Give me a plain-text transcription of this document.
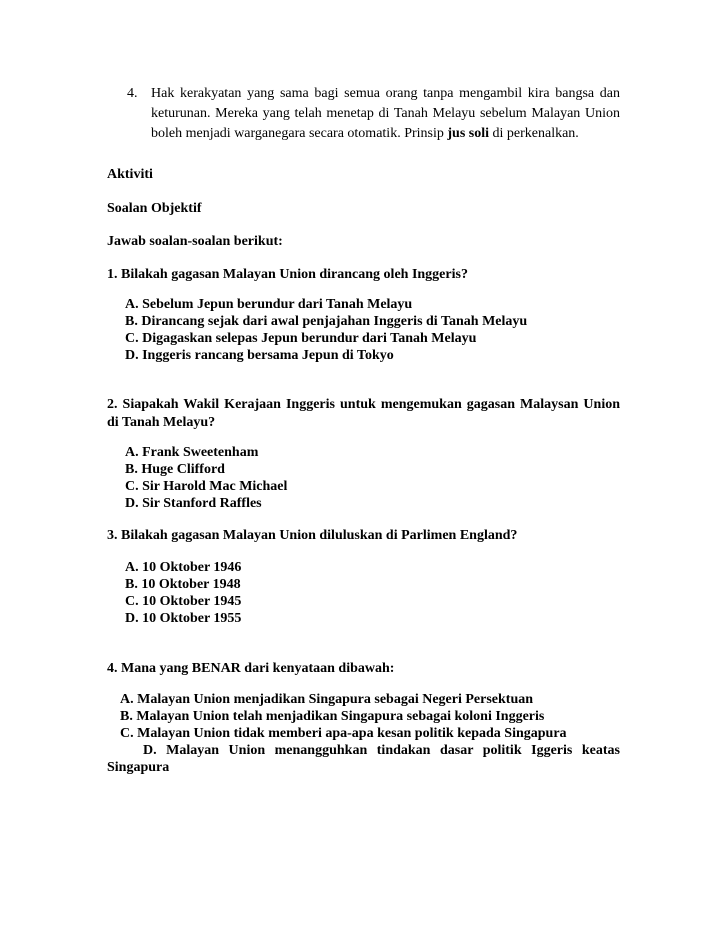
4. Hak kerakyatan yang sama bagi semua orang tanpa mengambil kira bangsa dan keturunan. Mereka yang telah menetap di Tanah Melayu sebelum Malayan Union boleh menjadi warganegara secara otomatik. Prinsip jus soli di perkenalkan.
Aktiviti
Soalan Objektif
Jawab soalan-soalan berikut:
1. Bilakah gagasan Malayan Union dirancang oleh Inggeris?
A. Sebelum Jepun berundur dari Tanah Melayu
B. Dirancang sejak dari awal penjajahan Inggeris di Tanah Melayu
C. Digagaskan selepas Jepun berundur dari Tanah Melayu
D. Inggeris rancang bersama Jepun di Tokyo
2. Siapakah Wakil Kerajaan Inggeris untuk mengemukan gagasan Malaysan Union di Tanah Melayu?
A. Frank Sweetenham
B. Huge Clifford
C. Sir Harold Mac Michael
D. Sir Stanford Raffles
3. Bilakah gagasan Malayan Union diluluskan di Parlimen England?
A. 10 Oktober 1946
B. 10 Oktober 1948
C. 10 Oktober 1945
D. 10 Oktober 1955
4. Mana yang BENAR dari kenyataan dibawah:
A. Malayan Union menjadikan Singapura sebagai Negeri Persektuan
B. Malayan Union telah menjadikan Singapura sebagai koloni Inggeris
C. Malayan Union tidak memberi apa-apa kesan politik kepada Singapura
D. Malayan Union menangguhkan tindakan dasar politik Iggeris keatas
Singapura
